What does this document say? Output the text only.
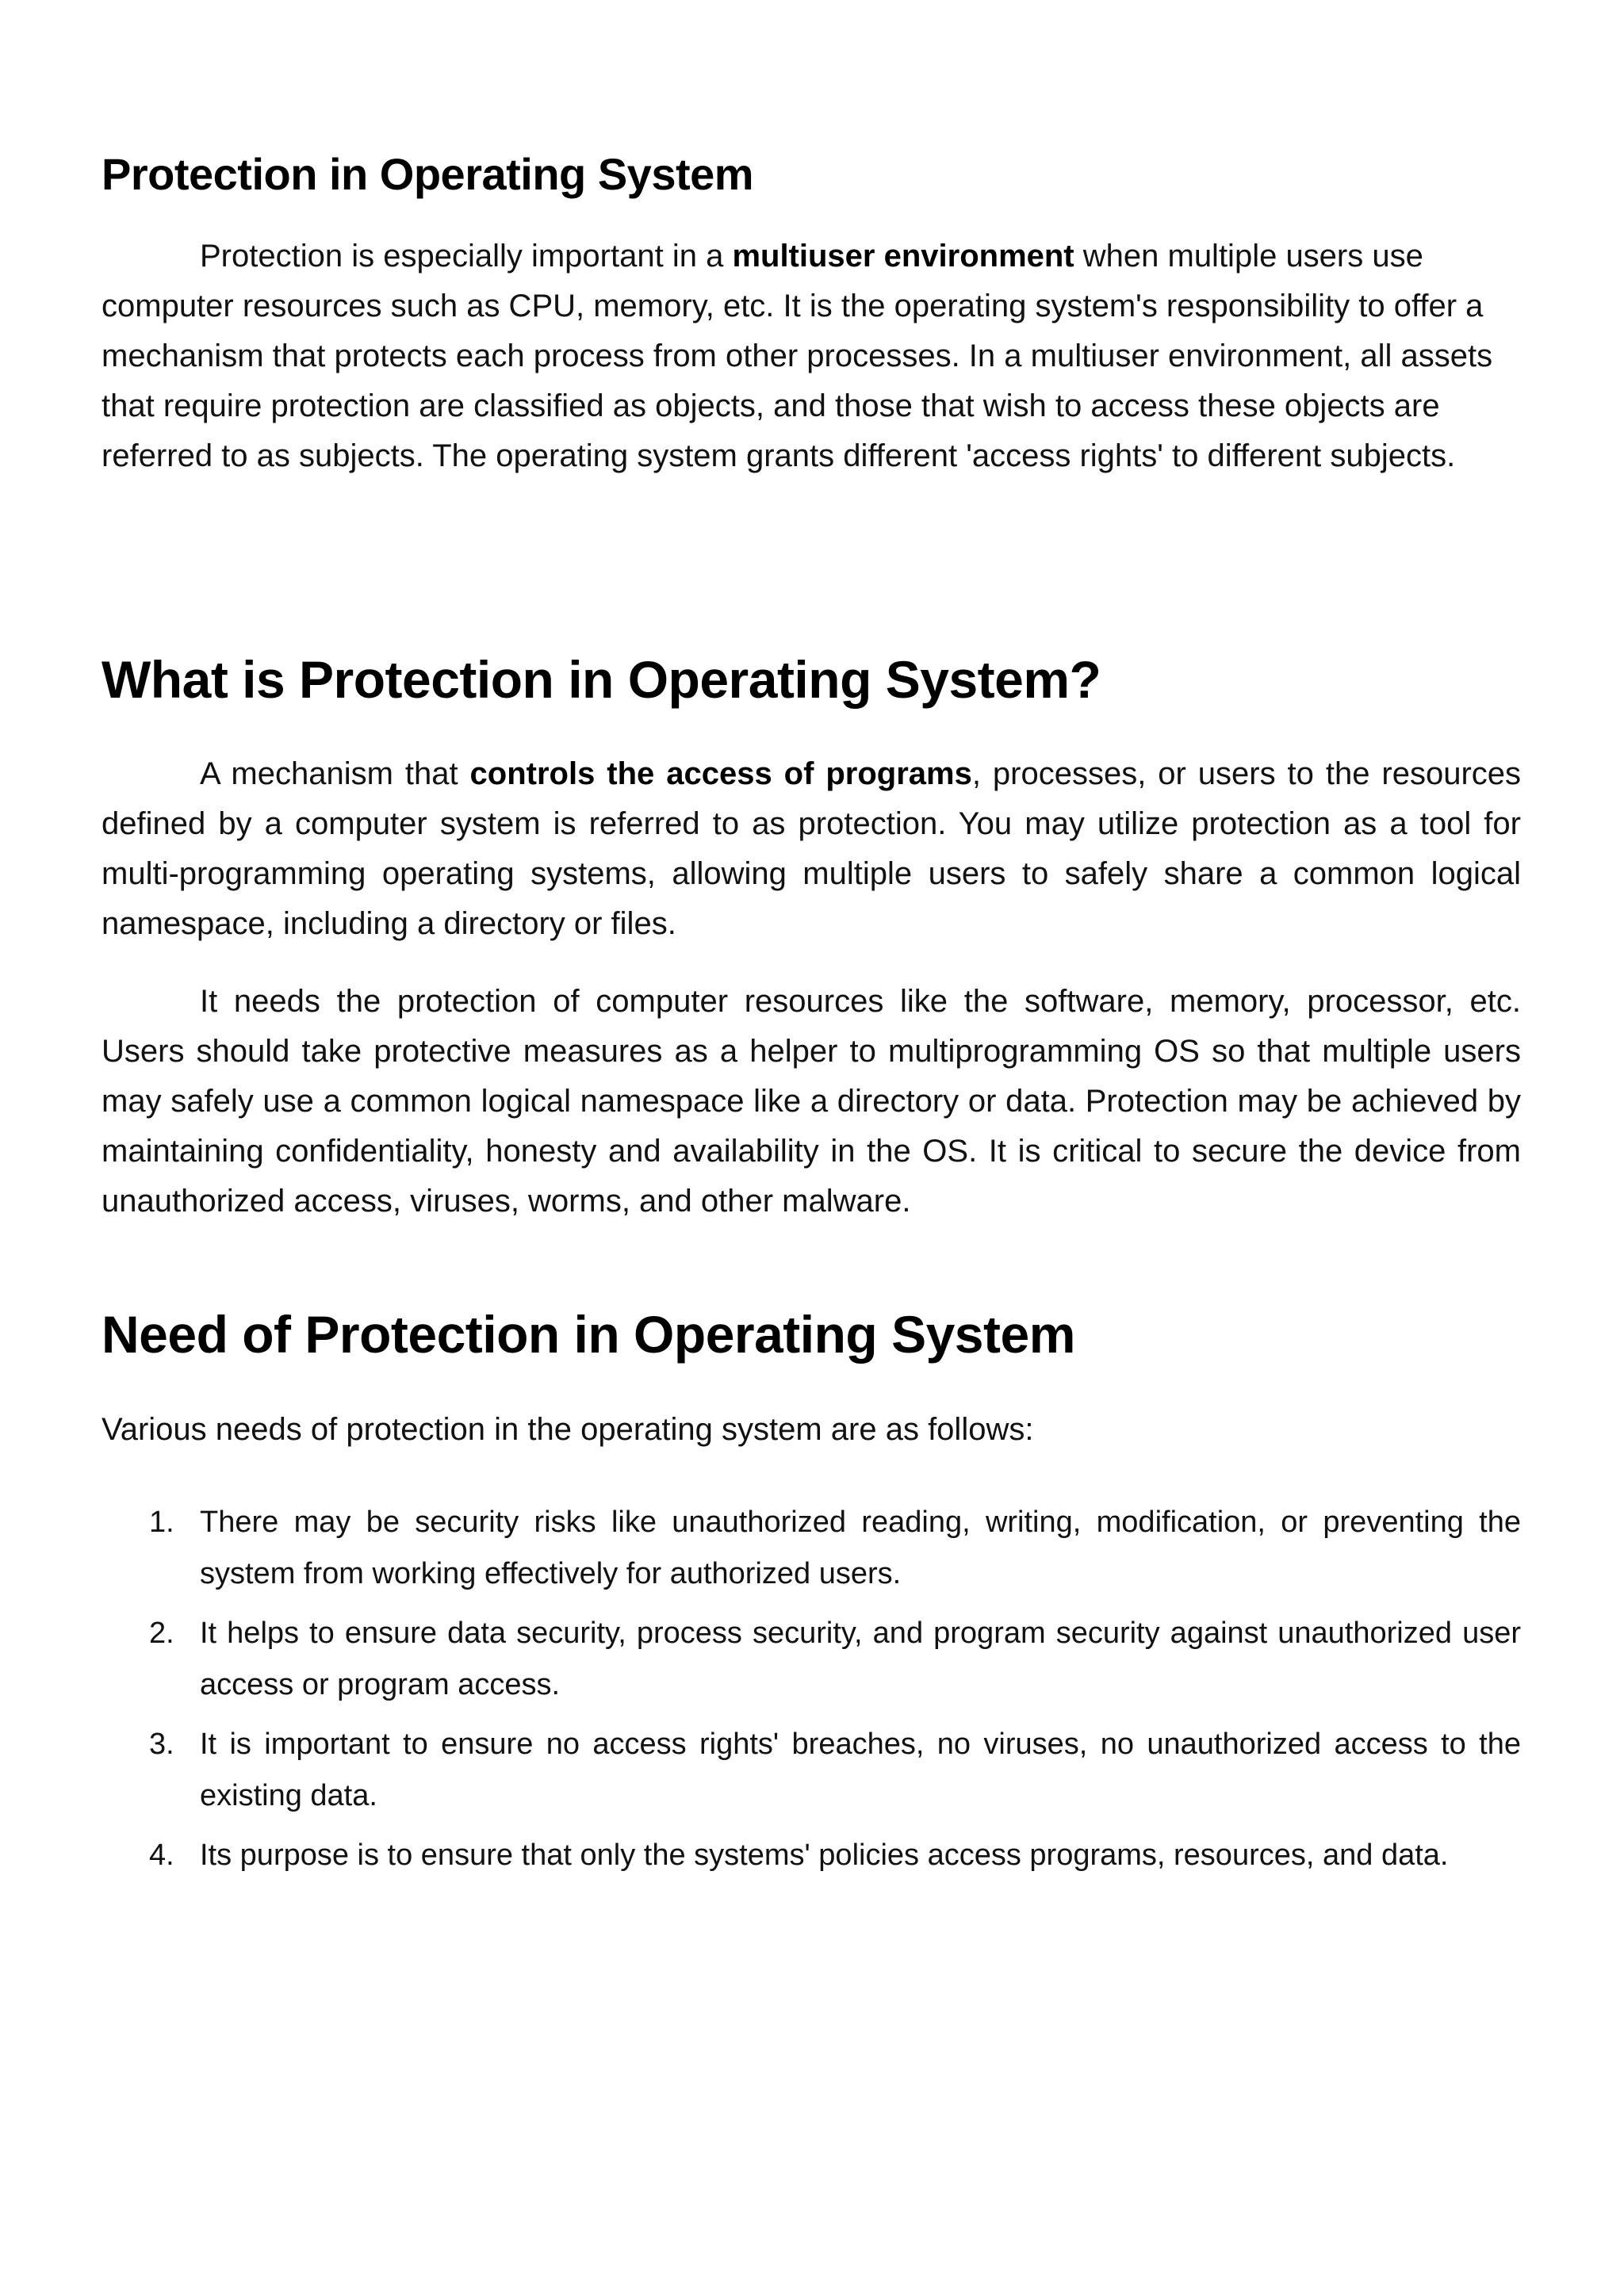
Protection in Operating System

Protection is especially important in a multiuser environment when multiple users use computer resources such as CPU, memory, etc. It is the operating system's responsibility to offer a mechanism that protects each process from other processes. In a multiuser environment, all assets that require protection are classified as objects, and those that wish to access these objects are referred to as subjects. The operating system grants different 'access rights' to different subjects.

What is Protection in Operating System?

A mechanism that controls the access of programs, processes, or users to the resources defined by a computer system is referred to as protection. You may utilize protection as a tool for multi-programming operating systems, allowing multiple users to safely share a common logical namespace, including a directory or files.

It needs the protection of computer resources like the software, memory, processor, etc. Users should take protective measures as a helper to multiprogramming OS so that multiple users may safely use a common logical namespace like a directory or data. Protection may be achieved by maintaining confidentiality, honesty and availability in the OS. It is critical to secure the device from unauthorized access, viruses, worms, and other malware.

Need of Protection in Operating System

Various needs of protection in the operating system are as follows:

1. There may be security risks like unauthorized reading, writing, modification, or preventing the system from working effectively for authorized users.
2. It helps to ensure data security, process security, and program security against unauthorized user access or program access.
3. It is important to ensure no access rights' breaches, no viruses, no unauthorized access to the existing data.
4. Its purpose is to ensure that only the systems' policies access programs, resources, and data.
